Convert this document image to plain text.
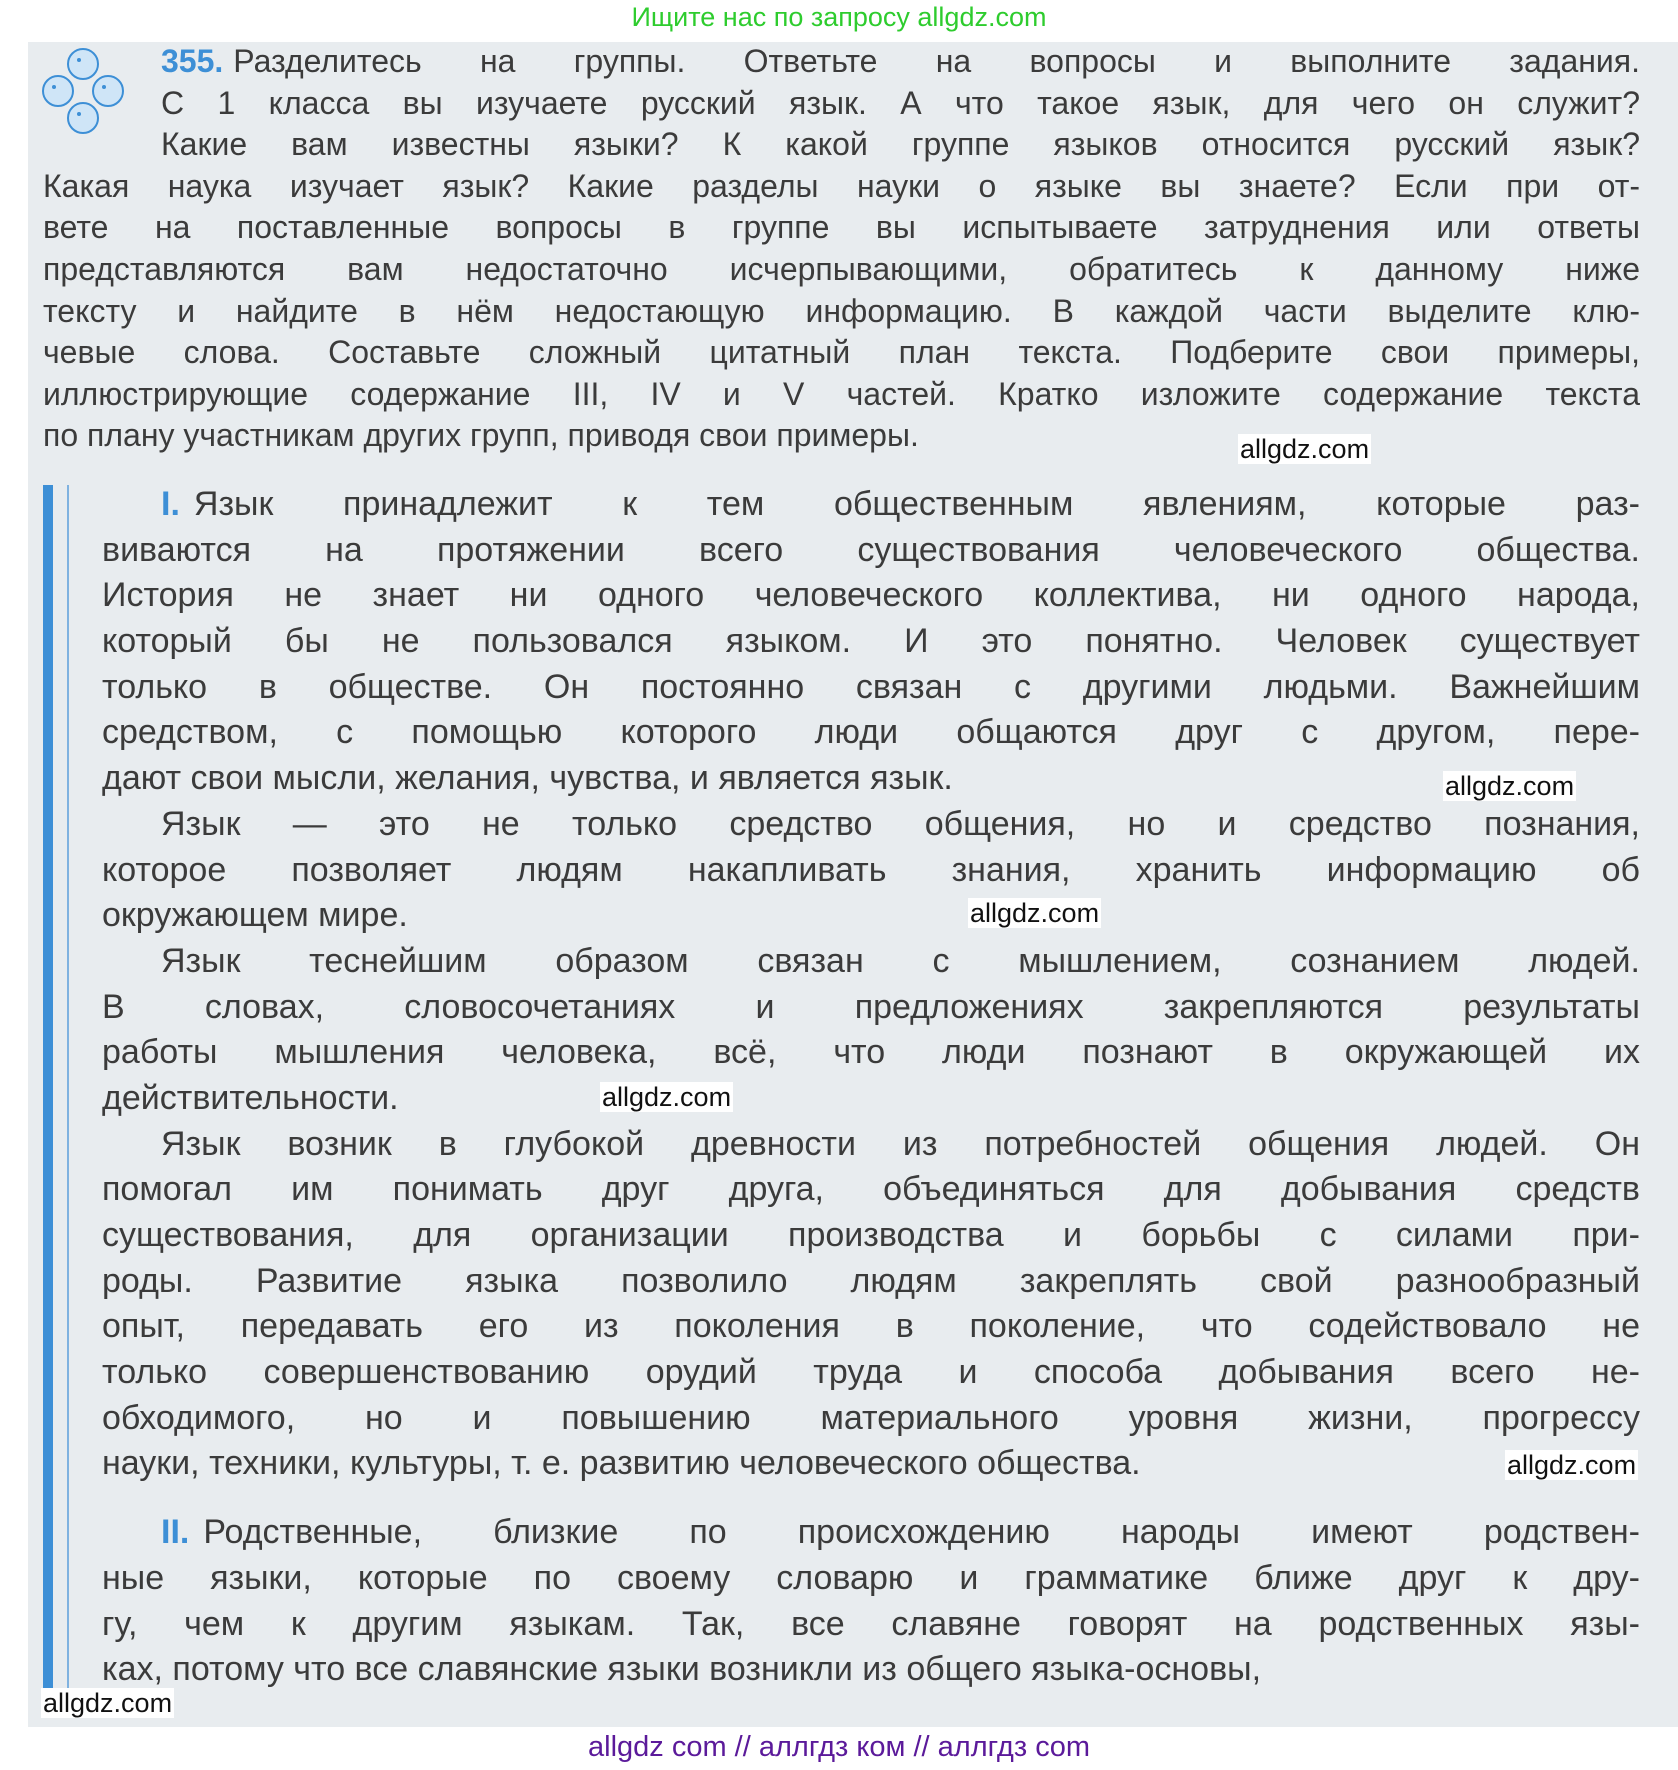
Ищите нас по запросу allgdz.com
355. Разделитесь на группы. Ответьте на вопросы и выполните задания.
С 1 класса вы изучаете русский язык. А что такое язык, для чего он служит?
Какие вам известны языки? К какой группе языков относится русский язык?
Какая наука изучает язык? Какие разделы науки о языке вы знаете? Если при от-
вете на поставленные вопросы в группе вы испытываете затруднения или ответы
представляются вам недостаточно исчерпывающими, обратитесь к данному ниже
тексту и найдите в нём недостающую информацию. В каждой части выделите клю-
чевые слова. Составьте сложный цитатный план текста. Подберите свои примеры,
иллюстрирующие содержание III, IV и V частей. Кратко изложите содержание текста
по плану участникам других групп, приводя свои примеры.
I. Язык принадлежит к тем общественным явлениям, которые раз-
виваются на протяжении всего существования человеческого общества.
История не знает ни одного человеческого коллектива, ни одного народа,
который бы не пользовался языком. И это понятно. Человек существует
только в обществе. Он постоянно связан с другими людьми. Важнейшим
средством, с помощью которого люди общаются друг с другом, пере-
дают свои мысли, желания, чувства, и является язык.
Язык — это не только средство общения, но и средство познания,
которое позволяет людям накапливать знания, хранить информацию об
окружающем мире.
Язык теснейшим образом связан с мышлением, сознанием людей.
В словах, словосочетаниях и предложениях закрепляются результаты
работы мышления человека, всё, что люди познают в окружающей их
действительности.
Язык возник в глубокой древности из потребностей общения людей. Он
помогал им понимать друг друга, объединяться для добывания средств
существования, для организации производства и борьбы с силами при-
роды. Развитие языка позволило людям закреплять свой разнообразный
опыт, передавать его из поколения в поколение, что содействовало не
только совершенствованию орудий труда и способа добывания всего не-
обходимого, но и повышению материального уровня жизни, прогрессу
науки, техники, культуры, т. е. развитию человеческого общества.
II. Родственные, близкие по происхождению народы имеют родствен-
ные языки, которые по своему словарю и грамматике ближе друг к дру-
гу, чем к другим языкам. Так, все славяне говорят на родственных язы-
ках, потому что все славянские языки возникли из общего языка-основы,
allgdz.com
allgdz.com
allgdz.com
allgdz.com
allgdz.com
allgdz.com
allgdz com // аллгдз ком // аллгдз com
